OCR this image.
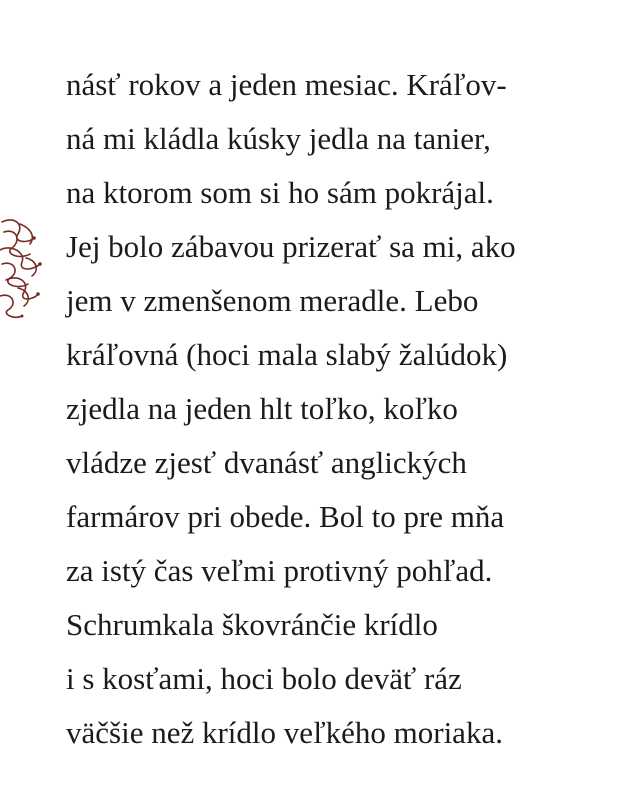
násť rokov a jeden mesiac. Kráľov-
ná mi kládla kúsky jedla na tanier,
na ktorom som si ho sám pokrájal.
Jej bolo zábavou prizerať sa mi, ako
jem v zmenšenom meradle. Lebo
kráľovná (hoci mala slabý žalúdok)
zjedla na jeden hlt toľko, koľko
vládze zjesť dvanásť anglických
farmárov pri obede. Bol to pre mňa
za istý čas veľmi protivný pohľad.
Schrumkala škovránčie krídlo
i s kosťami, hoci bolo deväť ráz
väčšie než krídlo veľkého moriaka.
